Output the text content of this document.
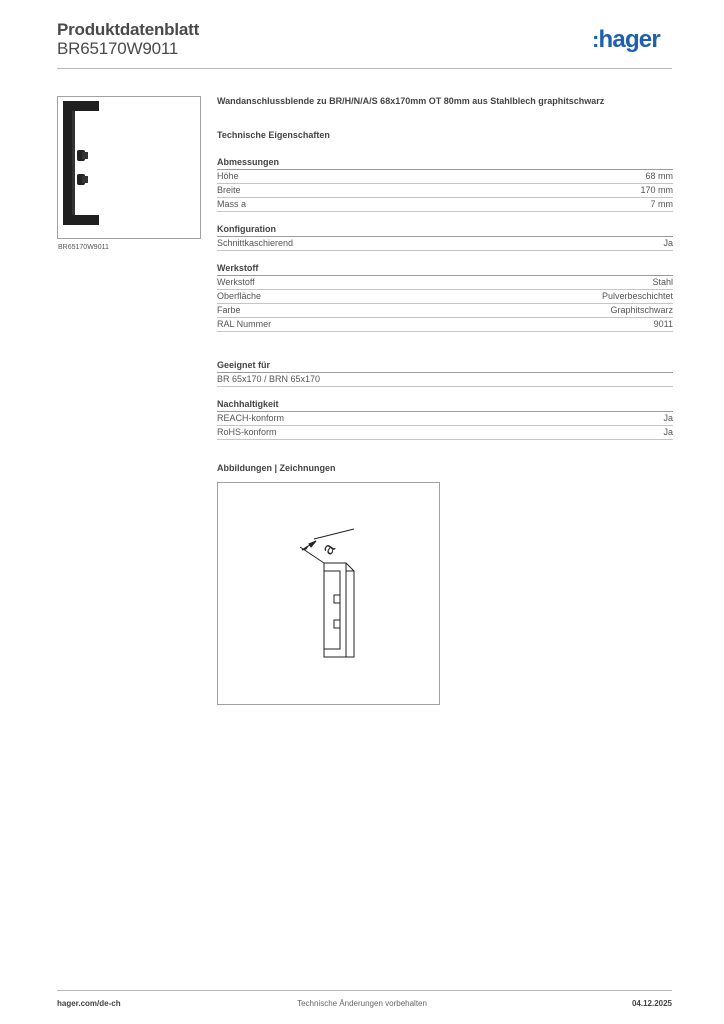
Produktdatenblatt
BR65170W9011	:hager
BR65170W9011
Wandanschlussblende zu BR/H/N/A/S 68x170mm OT 80mm aus Stahlblech graphitschwarz
Technische Eigenschaften
Abmessungen
Höhe	68 mm
Breite	170 mm
Mass a	7 mm
Konfiguration
Schnittkaschierend	Ja
Werkstoff
Werkstoff	Stahl
Oberfläche	Pulverbeschichtet
Farbe	Graphitschwarz
RAL Nummer	9011
Geeignet für
BR 65x170 / BRN 65x170
Nachhaltigkeit
REACH-konform	Ja
RoHS-konform	Ja
Abbildungen | Zeichnungen
a
hager.com/de-ch	Technische Änderungen vorbehalten	04.12.2025
